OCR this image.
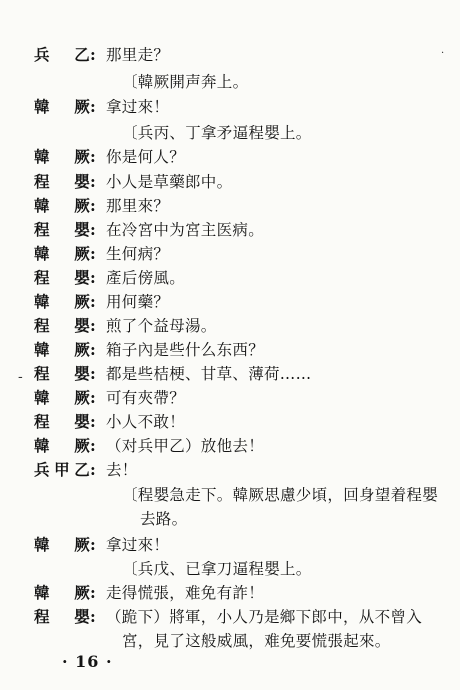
兵　乙 : 那里走？
〔韓厥開声奔上。
韓　厥 : 拿过來！
〔兵丙、丁拿矛逼程嬰上。
韓　厥 : 你是何人？
程　嬰 : 小人是草藥郎中。
韓　厥 : 那里來？
程　嬰 : 在冷宮中为宮主医病。
韓　厥 : 生何病？
程　嬰 : 產后傍風。
韓　厥 : 用何藥？
程　嬰 : 煎了个益母湯。
韓　厥 : 箱子內是些什么东西？
程　嬰 : 都是些桔梗、甘草、薄荷……
韓　厥 : 可有夾帶？
程　嬰 : 小人不敢！
韓　厥 : （对兵甲乙）放他去！
兵甲乙 : 去！
〔程嬰急走下。韓厥思慮少頃，回身望着程嬰
去路。
韓　厥 : 拿过來！
〔兵戊、已拿刀逼程嬰上。
韓　厥 : 走得慌張，难免有詐！
程　嬰 : （跪下）將軍，小人乃是鄉下郎中，从不曾入
宮，見了这般威風，难免要慌張起來。
· 16 ·
-
·
